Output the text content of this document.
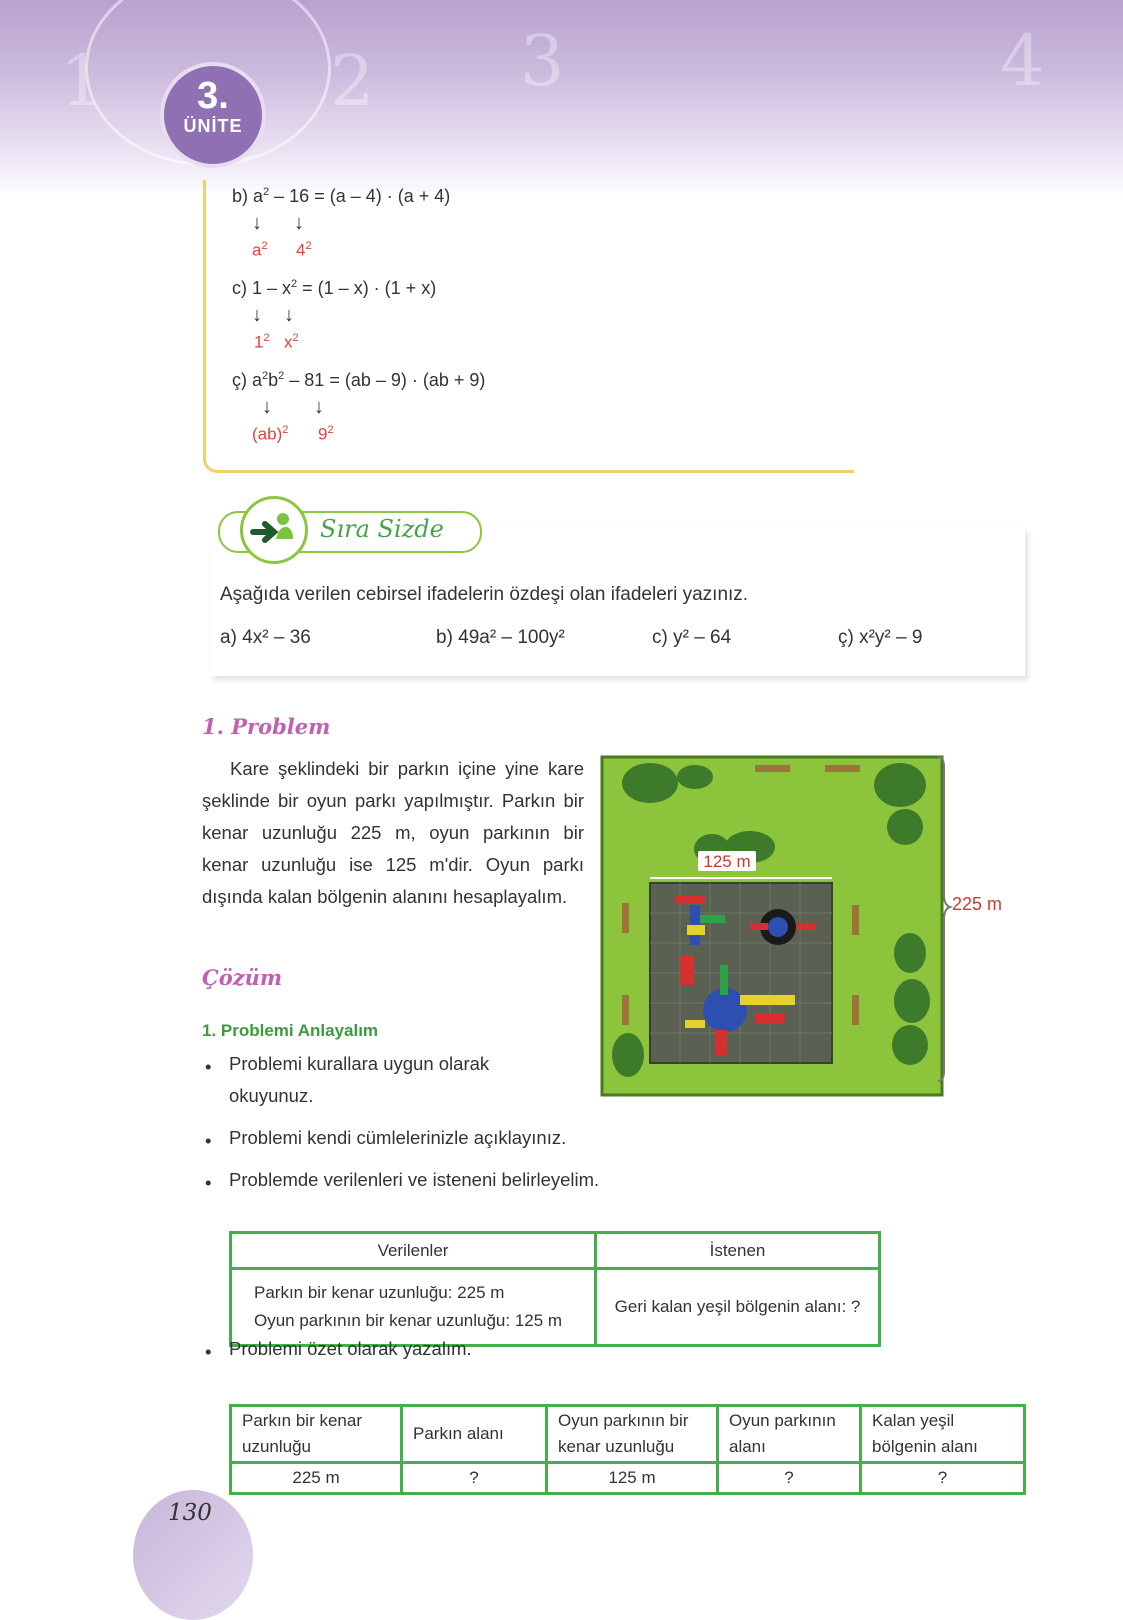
1	2 3	4
3.
ÜNİTE
b) $a^2 - 16 = (a - 4) \cdot (a + 4)$
↓ ↓
$a^2$ $4^2$
c) $1 - x^2 = (1 - x) \cdot (1 + x)$
↓ ↓
$1^2$ $x^2$
ç) $a^2b^2 - 81 = (ab - 9) \cdot (ab + 9)$
↓ ↓
(ab)$^2$ $9^2$
Sıra Sizde
Aşağıda verilen cebirsel ifadelerin özdeşi olan ifadeleri yazınız.
a) 4x² – 36	b) 49a² – 100y²	c) y² – 64	ç) x²y² – 9
1. Problem
Kare şeklindeki bir parkın içine yine kare şeklinde bir oyun parkı yapılmıştır. Parkın bir kenar uzunluğu 225 m, oyun parkının bir kenar uzunluğu ise 125 m'dir. Oyun parkı dışında kalan bölgenin alanını hesaplayalım.
125 m
225 m
Çözüm
1. Problemi Anlayalım
• Problemi kurallara uygun olarak okuyunuz.
• Problemi kendi cümlelerinizle açıklayınız.
• Problemde verilenleri ve isteneni belirleyelim.
Verilenler	İstenen

Parkın bir kenar uzunluğu: 225 m
Oyun parkının bir kenar uzunluğu: 125 m	Geri kalan yeşil bölgenin alanı: ?
• Problemi özet olarak yazalım.
Parkın bir kenar uzunluğu	Parkın alanı	Oyun parkının bir kenar uzunluğu	Oyun parkının alanı	Kalan yeşil bölgenin alanı
225 m	?	125 m	?	?
130
